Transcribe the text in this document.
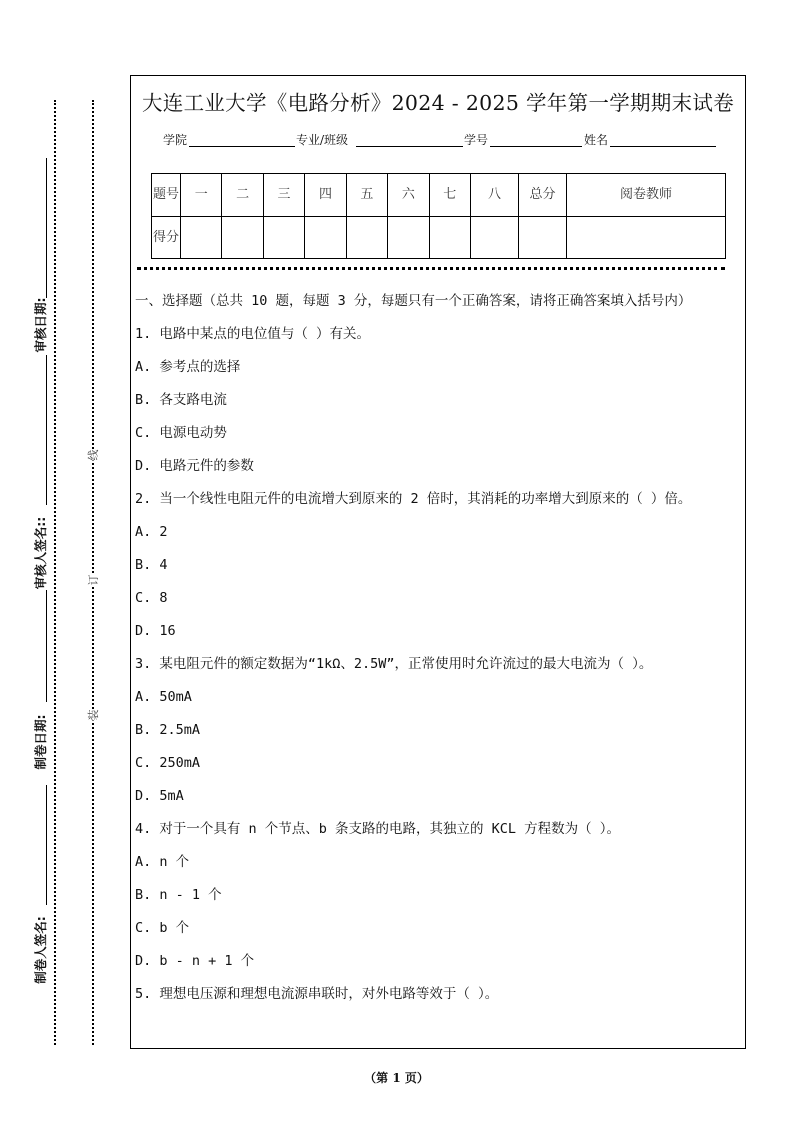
线
订
装
审核日期:
审核人签名::
制卷日期:
制卷人签名:
大连工业大学《电路分析》2024 - 2025 学年第一学期期末试卷
学院	专业/班级	学号	姓名
题号	一	二	三	四	五	六	七	八	总分	阅卷教师
得分										

一、选择题（总共 10 题，每题 3 分，每题只有一个正确答案，请将正确答案填入括号内）

1. 电路中某点的电位值与（ ）有关。

A. 参考点的选择

B. 各支路电流

C. 电源电动势

D. 电路元件的参数

2. 当一个线性电阻元件的电流增大到原来的 2 倍时，其消耗的功率增大到原来的（ ）倍。

A. 2

B. 4

C. 8

D. 16

3. 某电阻元件的额定数据为“1kΩ、2.5W”，正常使用时允许流过的最大电流为（ ）。

A. 50mA

B. 2.5mA

C. 250mA

D. 5mA

4. 对于一个具有 n 个节点、b 条支路的电路，其独立的 KCL 方程数为（ ）。

A. n 个

B. n - 1 个

C. b 个

D. b - n + 1 个

5. 理想电压源和理想电流源串联时，对外电路等效于（ ）。

（第 1 页）
